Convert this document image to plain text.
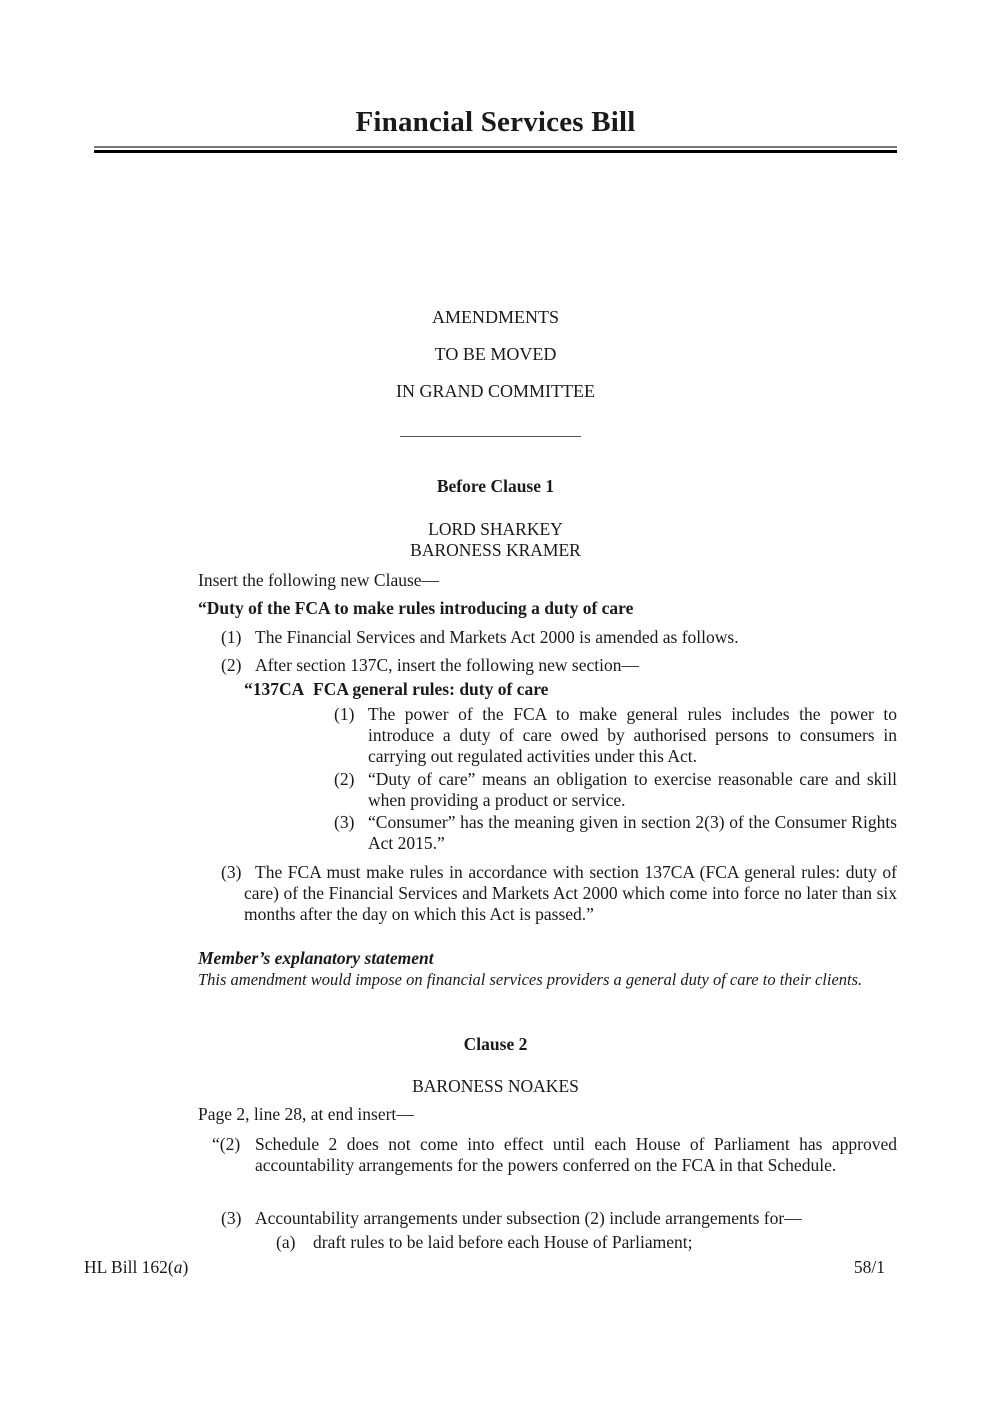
Financial Services Bill
AMENDMENTS
TO BE MOVED
IN GRAND COMMITTEE
Before Clause 1
LORD SHARKEY
BARONESS KRAMER
Insert the following new Clause—
“Duty of the FCA to make rules introducing a duty of care
(1) The Financial Services and Markets Act 2000 is amended as follows.
(2) After section 137C, insert the following new section—
“137CA FCA general rules: duty of care
(1) The power of the FCA to make general rules includes the power to introduce a duty of care owed by authorised persons to consumers in carrying out regulated activities under this Act.
(2) “Duty of care” means an obligation to exercise reasonable care and skill when providing a product or service.
(3) “Consumer” has the meaning given in section 2(3) of the Consumer Rights Act 2015.”
(3) The FCA must make rules in accordance with section 137CA (FCA general rules: duty of care) of the Financial Services and Markets Act 2000 which come into force no later than six months after the day on which this Act is passed.”
Member’s explanatory statement
This amendment would impose on financial services providers a general duty of care to their clients.
Clause 2
BARONESS NOAKES
Page 2, line 28, at end insert—
“(2) Schedule 2 does not come into effect until each House of Parliament has approved accountability arrangements for the powers conferred on the FCA in that Schedule.
(3) Accountability arrangements under subsection (2) include arrangements for—
(a) draft rules to be laid before each House of Parliament;
HL Bill 162(a)	58/1
